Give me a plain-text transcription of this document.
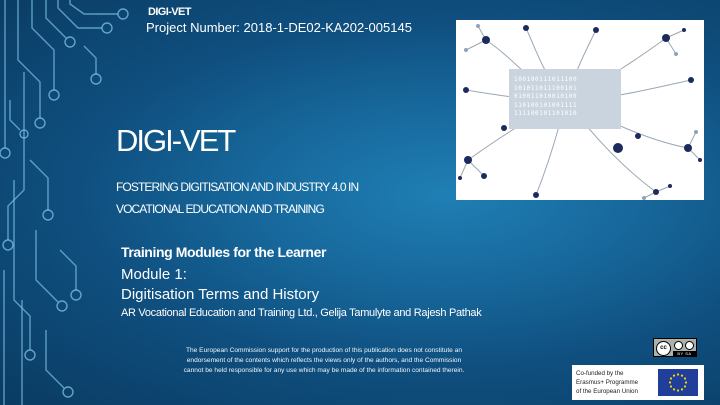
DIGI-VET
Project Number: 2018-1-DE02-KA202-005145
100100111011100
101011011100101
010011010010100
110100101001111
111100101101010
DIGI-VET
FOSTERING DIGITISATION AND INDUSTRY 4.0 IN
VOCATIONAL EDUCATION AND TRAINING
Training Modules for the Learner
Module 1:
Digitisation Terms and History
AR Vocational Education and Training Ltd., Gelija Tamulyte and Rajesh Pathak
The European Commission support for the production of this publication does not constitute an
endorsement of the contents which reflects the views only of the authors, and the Commission
cannot be held responsible for any use which may be made of the information contained therein.
cc
BY SA
Co-funded by the
Erasmus+ Programme
of the European Union
